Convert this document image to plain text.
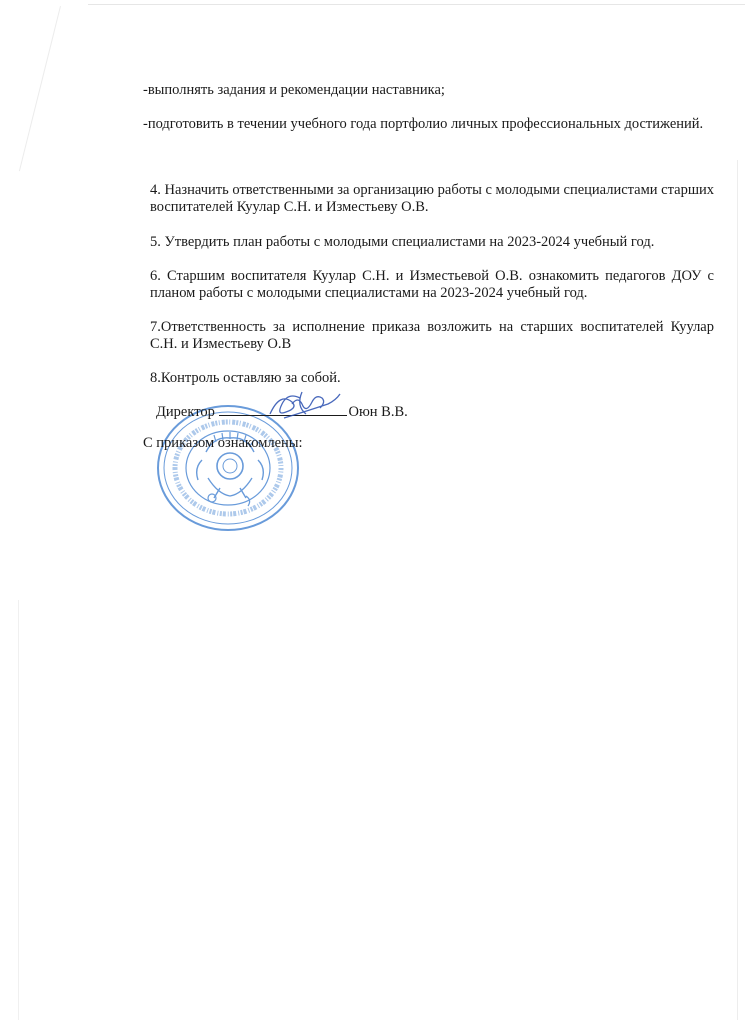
-выполнять задания и рекомендации наставника;
-подготовить в течении учебного года портфолио личных профессиональных достижений.
4. Назначить ответственными за организацию работы с молодыми специалистами старших воспитателей Куулар С.Н. и Изместьеву О.В.
5. Утвердить план работы с молодыми специалистами на 2023-2024 учебный год.
6. Старшим воспитателя Куулар С.Н. и Изместьевой О.В. ознакомить педагогов ДОУ с планом работы с молодыми специалистами на 2023-2024 учебный год.
7.Ответственность за исполнение приказа возложить на старших воспитателей Куулар С.Н. и Изместьеву О.В
8.Контроль оставляю за собой.
Директор	Оюн В.В.
С приказом ознакомлены:
